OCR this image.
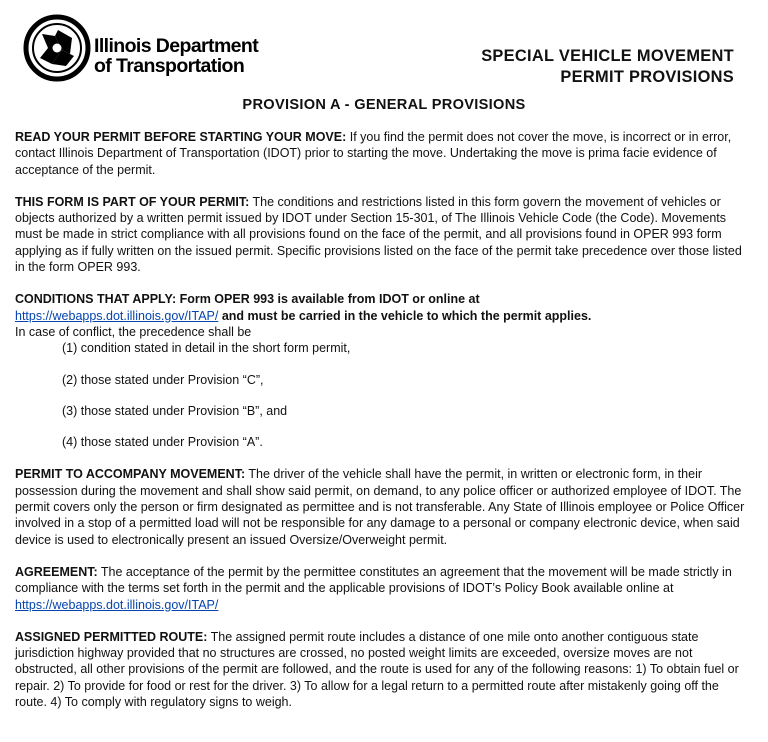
Illinois Department
of Transportation	SPECIAL VEHICLE MOVEMENT
PERMIT PROVISIONS
PROVISION A - GENERAL PROVISIONS

READ YOUR PERMIT BEFORE STARTING YOUR MOVE: If you find the permit does not cover the move, is incorrect or in error, contact Illinois Department of Transportation (IDOT) prior to starting the move. Undertaking the move is prima facie evidence of acceptance of the permit.

THIS FORM IS PART OF YOUR PERMIT: The conditions and restrictions listed in this form govern the movement of vehicles or objects authorized by a written permit issued by IDOT under Section 15-301, of The Illinois Vehicle Code (the Code). Movements must be made in strict compliance with all provisions found on the face of the permit, and all provisions found in OPER 993 form applying as if fully written on the issued permit. Specific provisions listed on the face of the permit take precedence over those listed in the form OPER 993.

CONDITIONS THAT APPLY: Form OPER 993 is available from IDOT or online at
https://webapps.dot.illinois.gov/ITAP/ and must be carried in the vehicle to which the permit applies.
In case of conflict, the precedence shall be
(1) condition stated in detail in the short form permit,
(2) those stated under Provision “C”,
(3) those stated under Provision “B”, and
(4) those stated under Provision “A”.

PERMIT TO ACCOMPANY MOVEMENT: The driver of the vehicle shall have the permit, in written or electronic form, in their possession during the movement and shall show said permit, on demand, to any police officer or authorized employee of IDOT. The permit covers only the person or firm designated as permittee and is not transferable. Any State of Illinois employee or Police Officer involved in a stop of a permitted load will not be responsible for any damage to a personal or company electronic device, when said device is used to electronically present an issued Oversize/Overweight permit.

AGREEMENT: The acceptance of the permit by the permittee constitutes an agreement that the movement will be made strictly in compliance with the terms set forth in the permit and the applicable provisions of IDOT’s Policy Book available online at https://webapps.dot.illinois.gov/ITAP/

ASSIGNED PERMITTED ROUTE: The assigned permit route includes a distance of one mile onto another contiguous state jurisdiction highway provided that no structures are crossed, no posted weight limits are exceeded, oversize moves are not obstructed, all other provisions of the permit are followed, and the route is used for any of the following reasons: 1) To obtain fuel or repair. 2) To provide for food or rest for the driver. 3) To allow for a legal return to a permitted route after mistakenly going off the route. 4) To comply with regulatory signs to weigh.
